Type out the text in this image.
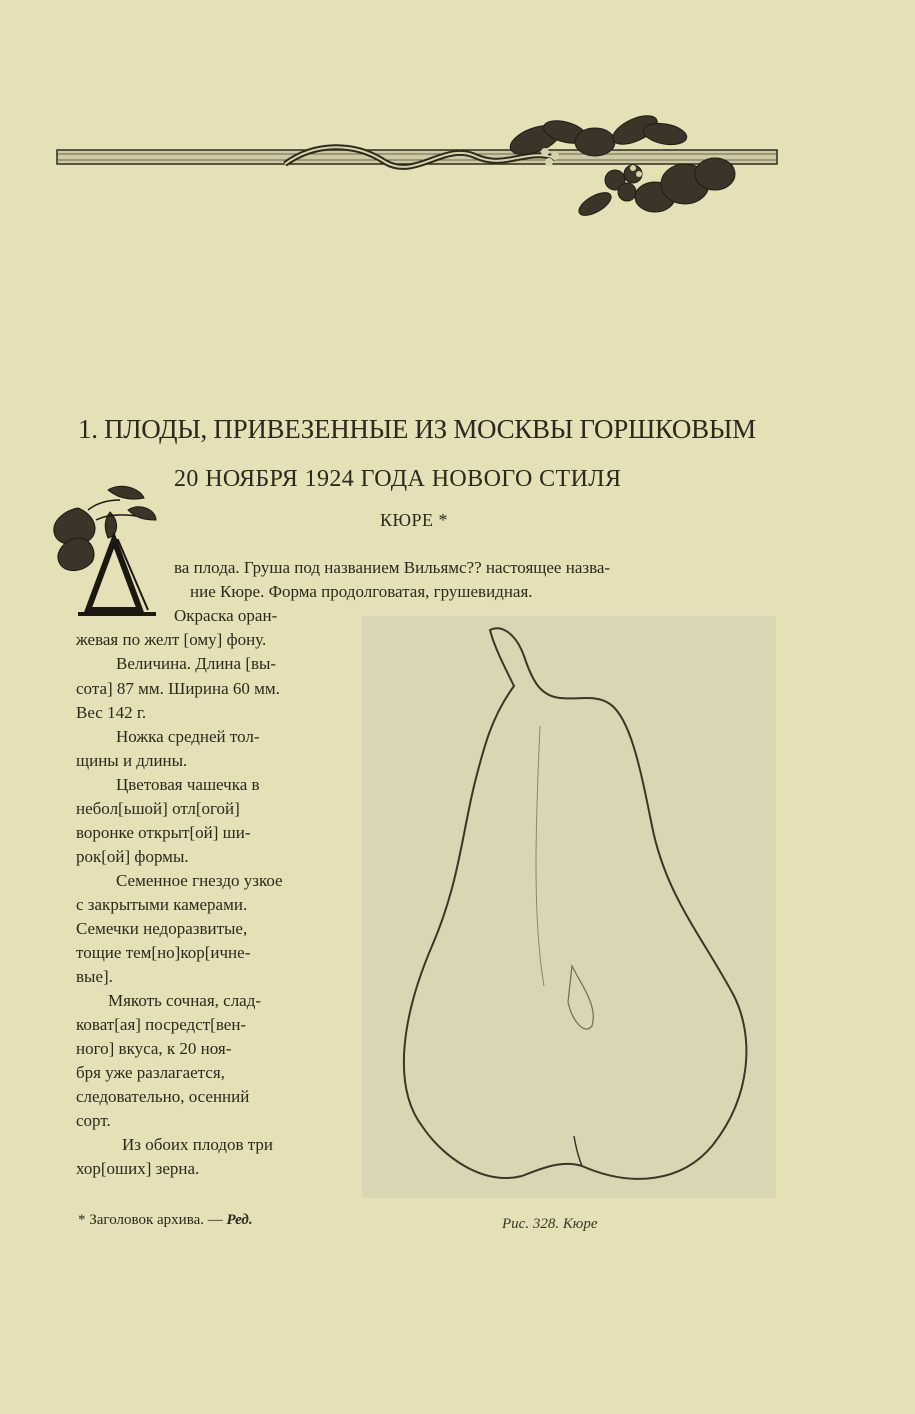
1. ПЛОДЫ, ПРИВЕЗЕННЫЕ ИЗ МОСКВЫ ГОРШКОВЫМ
20 НОЯБРЯ 1924 ГОДА НОВОГО СТИЛЯ
КЮРЕ *
ва плода. Груша под названием Вильямс?? настоящее назва-
ние Кюре. Форма продолговатая, грушевидная.
Окраска оран-
жевая по желт [ому] фону.
Величина. Длина [вы-
сота] 87 мм. Ширина 60 мм.
Вес 142 г.
Ножка средней тол-
щины и длины.
Цветовая чашечка в
небол[ьшой] отл[огой]
воронке открыт[ой] ши-
рок[ой] формы.
Семенное гнездо узкое
с закрытыми камерами.
Семечки недоразвитые,
тощие тем[но]кор[ичне-
вые].
Мякоть сочная, слад-
коват[ая] посредст[вен-
ного] вкуса, к 20 ноя-
бря уже разлагается,
следовательно, осенний
сорт.
Из обоих плодов три
хор[оших] зерна.
Рис. 328. Кюре
* Заголовок архива. — Ред.
